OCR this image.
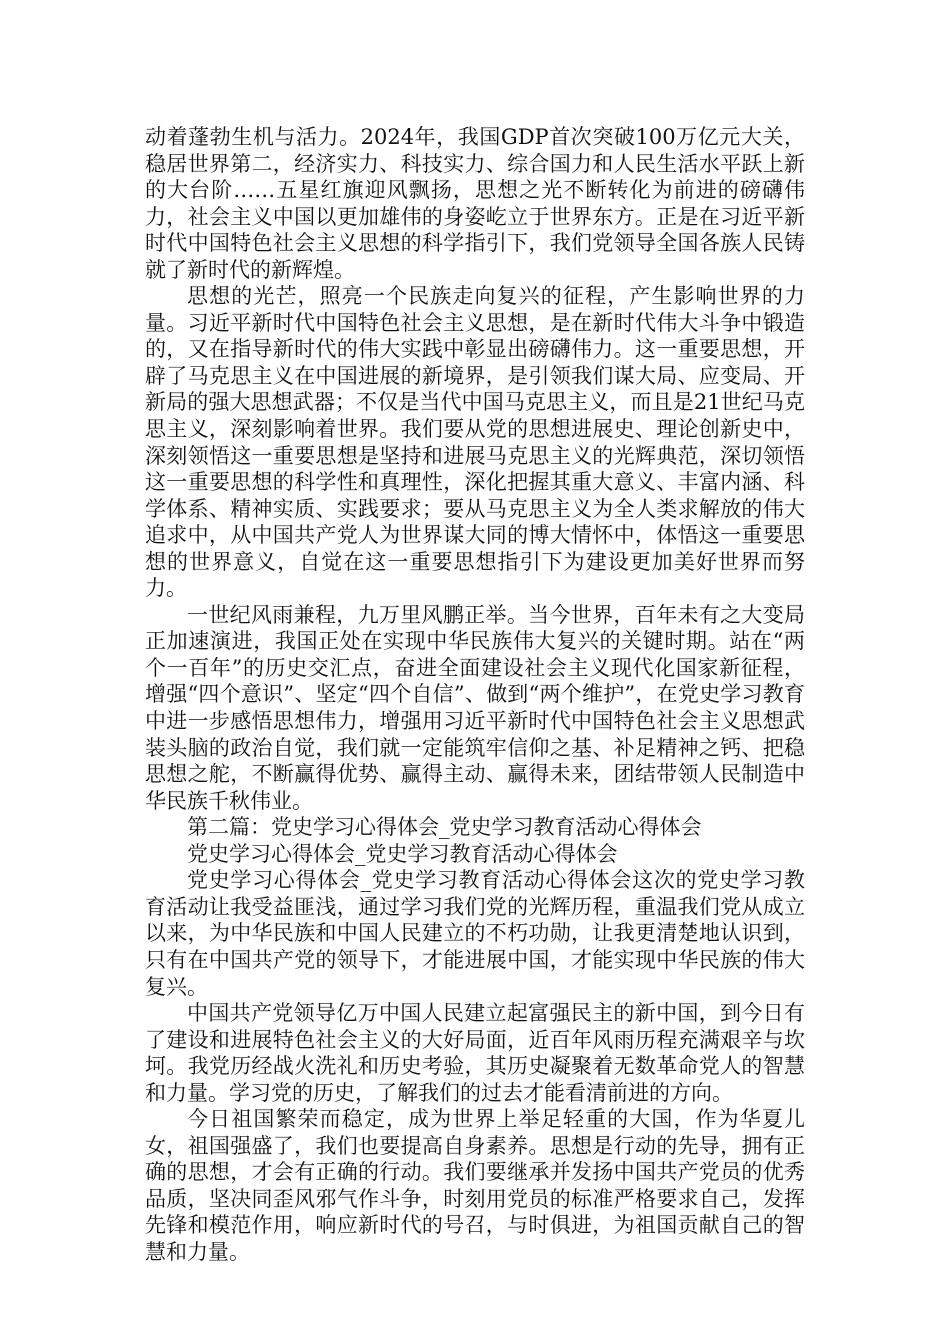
动着蓬勃生机与活力。2024年，我国GDP首次突破100万亿元大关，稳居世界第二，经济实力、科技实力、综合国力和人民生活水平跃上新的大台阶……五星红旗迎风飘扬，思想之光不断转化为前进的磅礴伟力，社会主义中国以更加雄伟的身姿屹立于世界东方。正是在习近平新时代中国特色社会主义思想的科学指引下，我们党领导全国各族人民铸就了新时代的新辉煌。

思想的光芒，照亮一个民族走向复兴的征程，产生影响世界的力量。习近平新时代中国特色社会主义思想，是在新时代伟大斗争中锻造的，又在指导新时代的伟大实践中彰显出磅礴伟力。这一重要思想，开辟了马克思主义在中国进展的新境界，是引领我们谋大局、应变局、开新局的强大思想武器；不仅是当代中国马克思主义，而且是21世纪马克思主义，深刻影响着世界。我们要从党的思想进展史、理论创新史中，深刻领悟这一重要思想是坚持和进展马克思主义的光辉典范，深切领悟这一重要思想的科学性和真理性，深化把握其重大意义、丰富内涵、科学体系、精神实质、实践要求；要从马克思主义为全人类求解放的伟大追求中，从中国共产党人为世界谋大同的博大情怀中，体悟这一重要思想的世界意义，自觉在这一重要思想指引下为建设更加美好世界而努力。

一世纪风雨兼程，九万里风鹏正举。当今世界，百年未有之大变局正加速演进，我国正处在实现中华民族伟大复兴的关键时期。站在“两个一百年”的历史交汇点，奋进全面建设社会主义现代化国家新征程，增强“四个意识”、坚定“四个自信”、做到“两个维护”，在党史学习教育中进一步感悟思想伟力，增强用习近平新时代中国特色社会主义思想武装头脑的政治自觉，我们就一定能筑牢信仰之基、补足精神之钙、把稳思想之舵，不断赢得优势、赢得主动、赢得未来，团结带领人民制造中华民族千秋伟业。

第二篇：党史学习心得体会_党史学习教育活动心得体会

党史学习心得体会_党史学习教育活动心得体会

党史学习心得体会_党史学习教育活动心得体会这次的党史学习教育活动让我受益匪浅，通过学习我们党的光辉历程，重温我们党从成立以来，为中华民族和中国人民建立的不朽功勋，让我更清楚地认识到，只有在中国共产党的领导下，才能进展中国，才能实现中华民族的伟大复兴。

中国共产党领导亿万中国人民建立起富强民主的新中国，到今日有了建设和进展特色社会主义的大好局面，近百年风雨历程充满艰辛与坎坷。我党历经战火洗礼和历史考验，其历史凝聚着无数革命党人的智慧和力量。学习党的历史，了解我们的过去才能看清前进的方向。

今日祖国繁荣而稳定，成为世界上举足轻重的大国，作为华夏儿女，祖国强盛了，我们也要提高自身素养。思想是行动的先导，拥有正确的思想，才会有正确的行动。我们要继承并发扬中国共产党员的优秀品质，坚决同歪风邪气作斗争，时刻用党员的标准严格要求自己，发挥先锋和模范作用，响应新时代的号召，与时俱进，为祖国贡献自己的智慧和力量。
